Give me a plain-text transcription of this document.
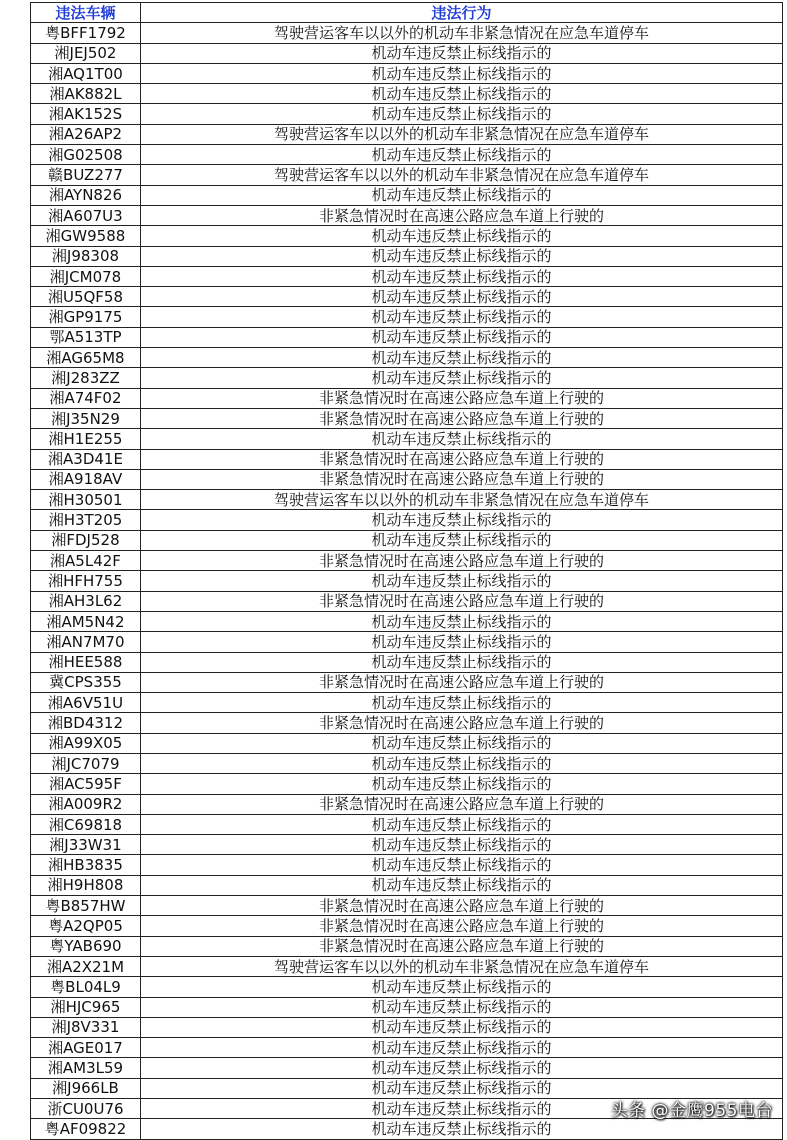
违法车辆	违法行为
粤BFF1792	驾驶营运客车以以外的机动车非紧急情况在应急车道停车
湘JEJ502	机动车违反禁止标线指示的
湘AQ1T00	机动车违反禁止标线指示的
湘AK882L	机动车违反禁止标线指示的
湘AK152S	机动车违反禁止标线指示的
湘A26AP2	驾驶营运客车以以外的机动车非紧急情况在应急车道停车
湘G02508	机动车违反禁止标线指示的
赣BUZ277	驾驶营运客车以以外的机动车非紧急情况在应急车道停车
湘AYN826	机动车违反禁止标线指示的
湘A607U3	非紧急情况时在高速公路应急车道上行驶的
湘GW9588	机动车违反禁止标线指示的
湘J98308	机动车违反禁止标线指示的
湘JCM078	机动车违反禁止标线指示的
湘U5QF58	机动车违反禁止标线指示的
湘GP9175	机动车违反禁止标线指示的
鄂A513TP	机动车违反禁止标线指示的
湘AG65M8	机动车违反禁止标线指示的
湘J283ZZ	机动车违反禁止标线指示的
湘A74F02	非紧急情况时在高速公路应急车道上行驶的
湘J35N29	非紧急情况时在高速公路应急车道上行驶的
湘H1E255	机动车违反禁止标线指示的
湘A3D41E	非紧急情况时在高速公路应急车道上行驶的
湘A918AV	非紧急情况时在高速公路应急车道上行驶的
湘H30501	驾驶营运客车以以外的机动车非紧急情况在应急车道停车
湘H3T205	机动车违反禁止标线指示的
湘FDJ528	机动车违反禁止标线指示的
湘A5L42F	非紧急情况时在高速公路应急车道上行驶的
湘HFH755	机动车违反禁止标线指示的
湘AH3L62	非紧急情况时在高速公路应急车道上行驶的
湘AM5N42	机动车违反禁止标线指示的
湘AN7M70	机动车违反禁止标线指示的
湘HEE588	机动车违反禁止标线指示的
冀CPS355	非紧急情况时在高速公路应急车道上行驶的
湘A6V51U	机动车违反禁止标线指示的
湘BD4312	非紧急情况时在高速公路应急车道上行驶的
湘A99X05	机动车违反禁止标线指示的
湘JC7079	机动车违反禁止标线指示的
湘AC595F	机动车违反禁止标线指示的
湘A009R2	非紧急情况时在高速公路应急车道上行驶的
湘C69818	机动车违反禁止标线指示的
湘J33W31	机动车违反禁止标线指示的
湘HB3835	机动车违反禁止标线指示的
湘H9H808	机动车违反禁止标线指示的
粤B857HW	非紧急情况时在高速公路应急车道上行驶的
粤A2QP05	非紧急情况时在高速公路应急车道上行驶的
粤YAB690	非紧急情况时在高速公路应急车道上行驶的
湘A2X21M	驾驶营运客车以以外的机动车非紧急情况在应急车道停车
粤BL04L9	机动车违反禁止标线指示的
湘HJC965	机动车违反禁止标线指示的
湘J8V331	机动车违反禁止标线指示的
湘AGE017	机动车违反禁止标线指示的
湘AM3L59	机动车违反禁止标线指示的
湘J966LB	机动车违反禁止标线指示的
浙CU0U76	机动车违反禁止标线指示的
粤AF09822	机动车违反禁止标线指示的
头条 @金鹰955电台
